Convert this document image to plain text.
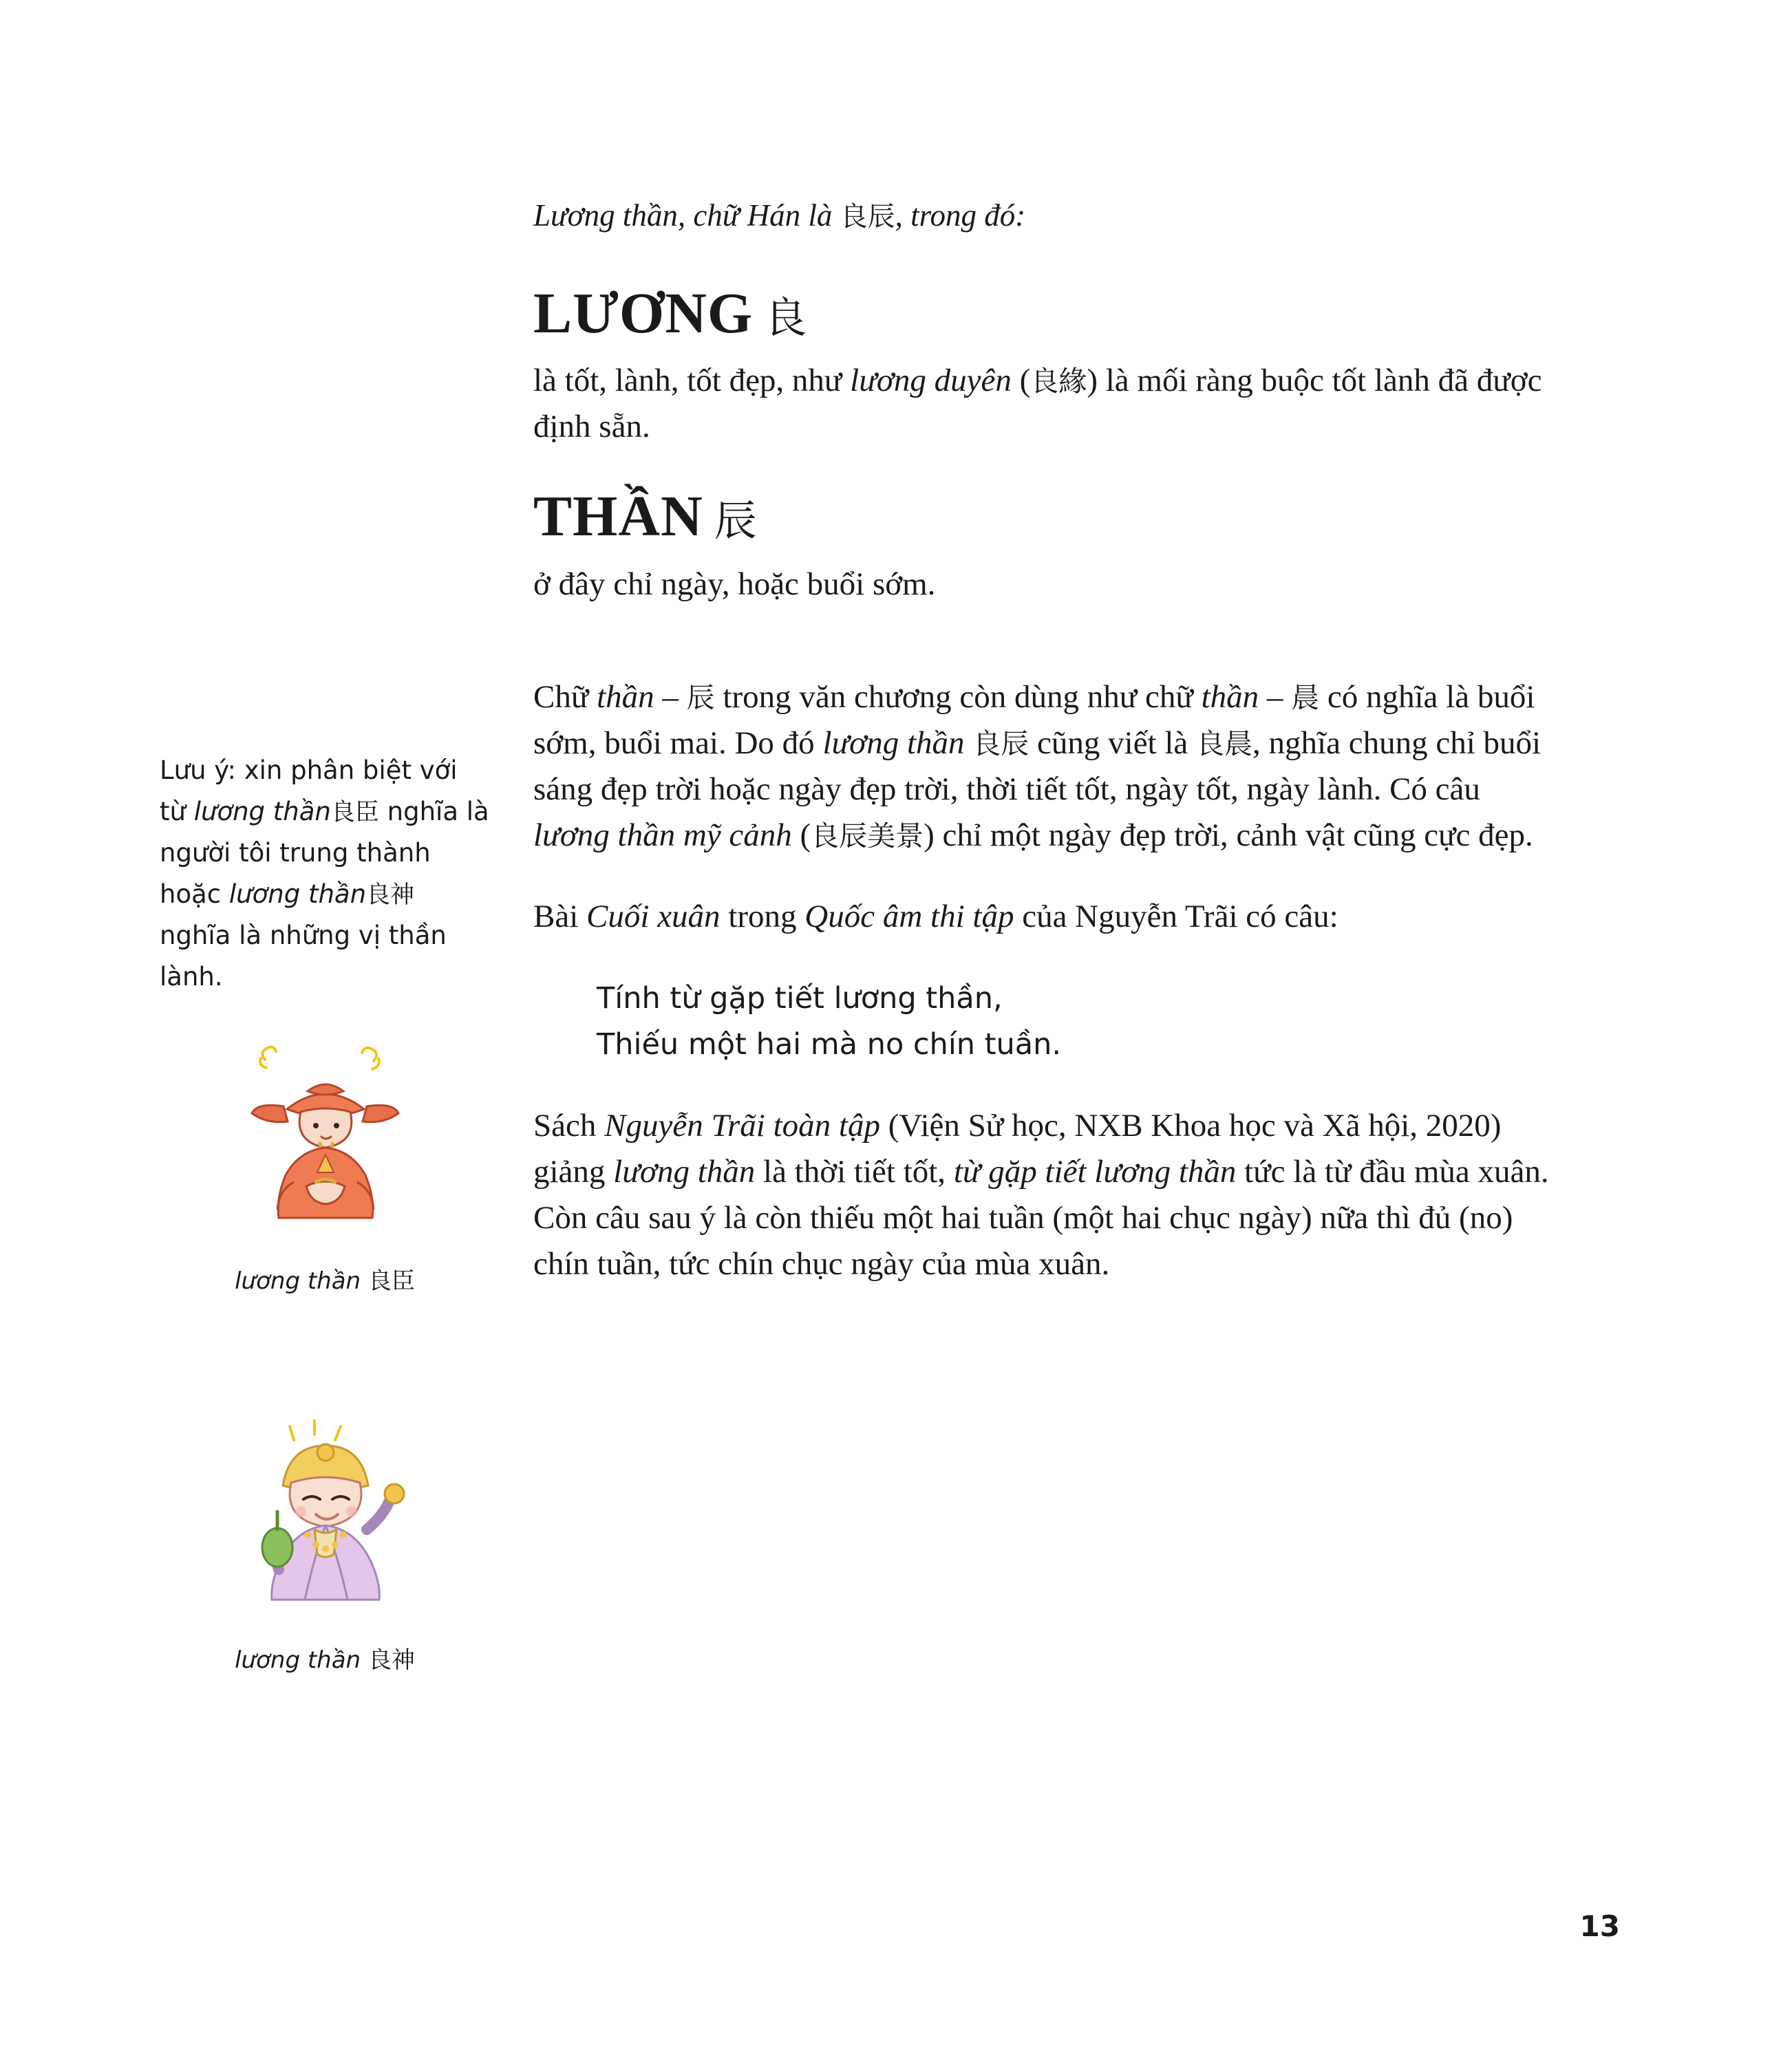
Lưu ý: xin phân biệt với từ lương thần良臣 nghĩa là người tôi trung thành hoặc lương thần良神 nghĩa là những vị thần lành.
lương thần 良臣
lương thần 良神

Lương thần, chữ Hán là 良辰, trong đó:

LƯƠNG 良

là tốt, lành, tốt đẹp, như lương duyên (良緣) là mối ràng buộc tốt lành đã được định sẵn.

THẦN 辰

ở đây chỉ ngày, hoặc buổi sớm.

Chữ thần – 辰 trong văn chương còn dùng như chữ thần – 晨 có nghĩa là buổi sớm, buổi mai. Do đó lương thần 良辰 cũng viết là 良晨, nghĩa chung chỉ buổi sáng đẹp trời hoặc ngày đẹp trời, thời tiết tốt, ngày tốt, ngày lành. Có câu lương thần mỹ cảnh (良辰美景) chỉ một ngày đẹp trời, cảnh vật cũng cực đẹp.

Bài Cuối xuân trong Quốc âm thi tập của Nguyễn Trãi có câu:

Tính từ gặp tiết lương thần,
Thiếu một hai mà no chín tuần.

Sách Nguyễn Trãi toàn tập (Viện Sử học, NXB Khoa học và Xã hội, 2020) giảng lương thần là thời tiết tốt, từ gặp tiết lương thần tức là từ đầu mùa xuân. Còn câu sau ý là còn thiếu một hai tuần (một hai chục ngày) nữa thì đủ (no) chín tuần, tức chín chục ngày của mùa xuân.

13
